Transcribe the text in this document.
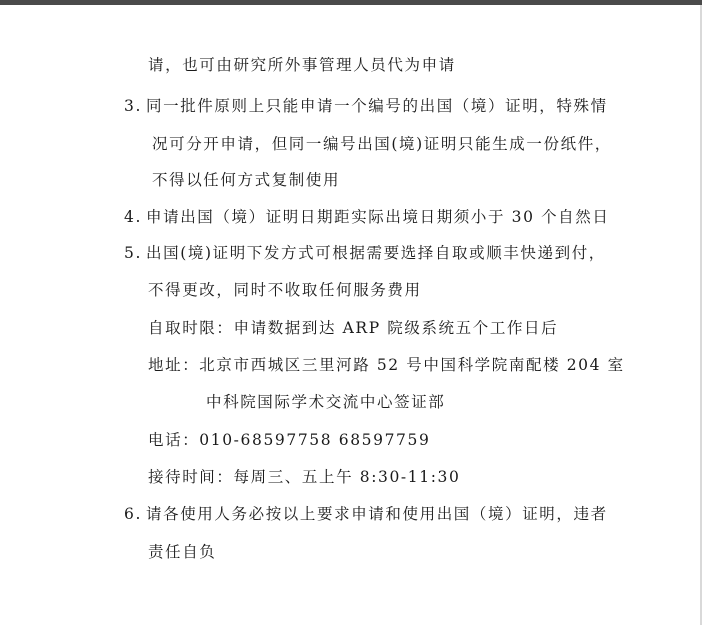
请，也可由研究所外事管理人员代为申请
3. 同一批件原则上只能申请一个编号的出国（境）证明，特殊情
况可分开申请，但同一编号出国(境)证明只能生成一份纸件，
不得以任何方式复制使用
4. 申请出国（境）证明日期距实际出境日期须小于 30 个自然日
5. 出国(境)证明下发方式可根据需要选择自取或顺丰快递到付，
不得更改，同时不收取任何服务费用
自取时限：申请数据到达 ARP 院级系统五个工作日后
地址：北京市西城区三里河路 52 号中国科学院南配楼 204 室
中科院国际学术交流中心签证部
电话：010-68597758 68597759
接待时间：每周三、五上午 8:30-11:30
6. 请各使用人务必按以上要求申请和使用出国（境）证明，违者
责任自负
